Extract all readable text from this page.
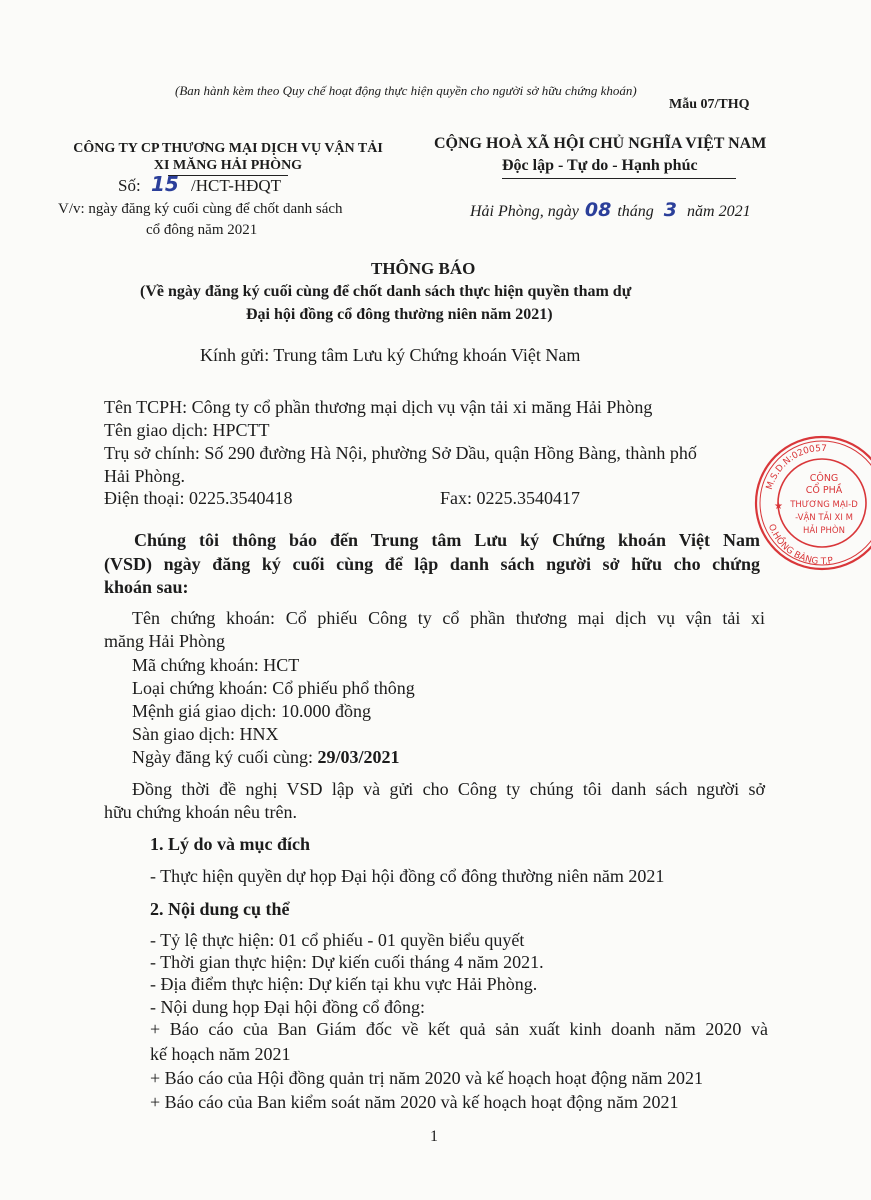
(Ban hành kèm theo Quy chế hoạt động thực hiện quyền cho người sở hữu chứng khoán)
Mẫu 07/THQ
CÔNG TY CP THƯƠNG MẠI DỊCH VỤ VẬN TẢI
XI MĂNG HẢI PHÒNG
Số: 15 /HCT-HĐQT
V/v: ngày đăng ký cuối cùng để chốt danh sách
cổ đông năm 2021
CỘNG HOÀ XÃ HỘI CHỦ NGHĨA VIỆT NAM
Độc lập - Tự do - Hạnh phúc
Hải Phòng, ngày 08 tháng 3 năm 2021
THÔNG BÁO
(Về ngày đăng ký cuối cùng để chốt danh sách thực hiện quyền tham dự
Đại hội đồng cổ đông thường niên năm 2021)
Kính gửi: Trung tâm Lưu ký Chứng khoán Việt Nam
Tên TCPH: Công ty cổ phần thương mại dịch vụ vận tải xi măng Hải Phòng
Tên giao dịch: HPCTT
Trụ sở chính: Số 290 đường Hà Nội, phường Sở Dầu, quận Hồng Bàng, thành phố
Hải Phòng.
Điện thoại: 0225.3540418	Fax: 0225.3540417
Chúng tôi thông báo đến Trung tâm Lưu ký Chứng khoán Việt Nam
(VSD) ngày đăng ký cuối cùng để lập danh sách người sở hữu cho chứng
khoán sau:
Tên chứng khoán: Cổ phiếu Công ty cổ phần thương mại dịch vụ vận tải xi
măng Hải Phòng
Mã chứng khoán: HCT
Loại chứng khoán: Cổ phiếu phổ thông
Mệnh giá giao dịch: 10.000 đồng
Sàn giao dịch: HNX
Ngày đăng ký cuối cùng: 29/03/2021
Đồng thời đề nghị VSD lập và gửi cho Công ty chúng tôi danh sách người sở
hữu chứng khoán nêu trên.
1. Lý do và mục đích
- Thực hiện quyền dự họp Đại hội đồng cổ đông thường niên năm 2021
2. Nội dung cụ thể
- Tỷ lệ thực hiện: 01 cổ phiếu - 01 quyền biểu quyết
- Thời gian thực hiện: Dự kiến cuối tháng 4 năm 2021.
- Địa điểm thực hiện: Dự kiến tại khu vực Hải Phòng.
- Nội dung họp Đại hội đồng cổ đông:
+ Báo cáo của Ban Giám đốc về kết quả sản xuất kinh doanh năm 2020 và
kế hoạch năm 2021
+ Báo cáo của Hội đồng quản trị năm 2020 và kế hoạch hoạt động năm 2021
+ Báo cáo của Ban kiểm soát năm 2020 và kế hoạch hoạt động năm 2021
1
M.S.D.N:020057
O.HỒNG BÀNG T.P
CÔNG
CỔ PHẦ
THƯƠNG MẠI-D
-VẬN TẢI XI M
HẢI PHÒN
★
